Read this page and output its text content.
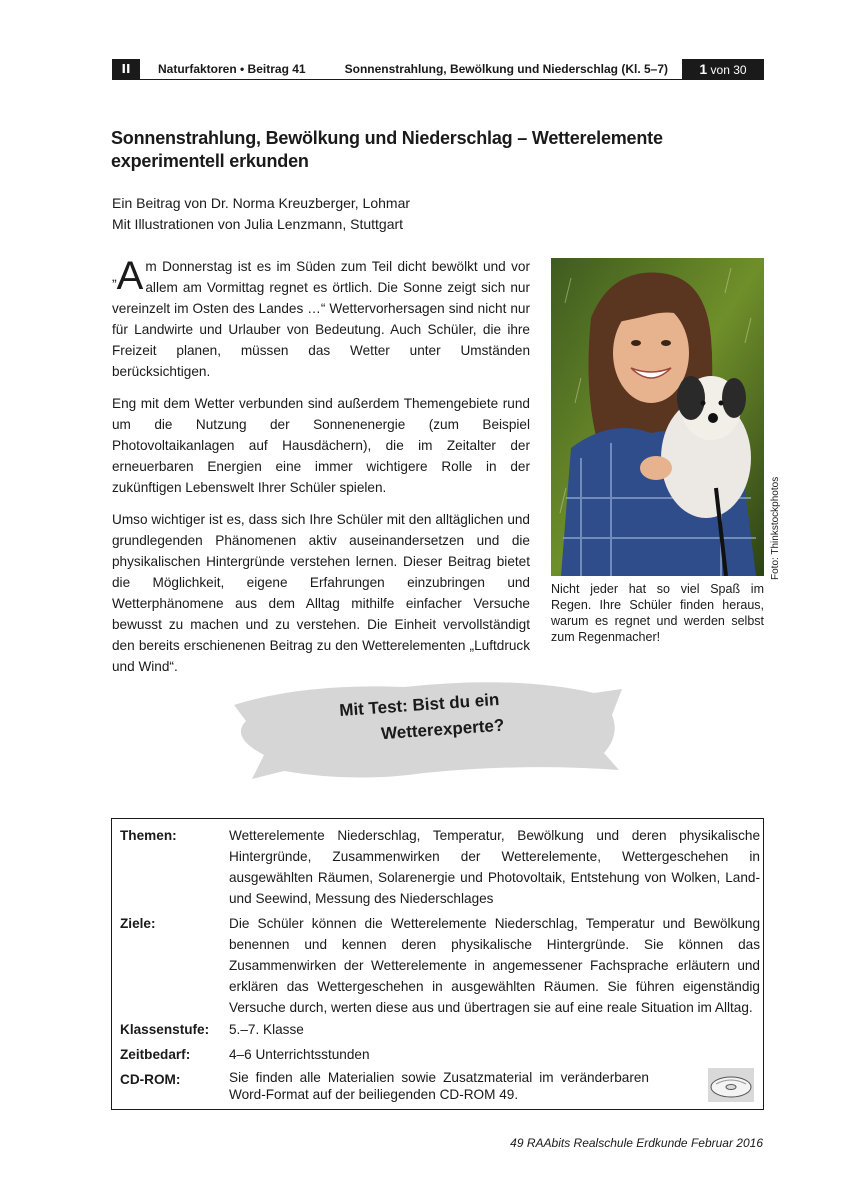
II	Naturfaktoren • Beitrag 41	Sonnenstrahlung, Bewölkung und Niederschlag (Kl. 5–7)	1 von 30
Sonnenstrahlung, Bewölkung und Niederschlag – Wetterelemente experimentell erkunden
Ein Beitrag von Dr. Norma Kreuzberger, Lohmar
Mit Illustrationen von Julia Lenzmann, Stuttgart

„A m Donnerstag ist es im Süden zum Teil dicht bewölkt und vor allem am Vormittag regnet es örtlich. Die Sonne zeigt sich nur vereinzelt im Osten des Landes …“ Wettervorhersagen sind nicht nur für Landwirte und Urlauber von Bedeutung. Auch Schüler, die ihre Freizeit planen, müssen das Wetter unter Umständen berücksichtigen.

Eng mit dem Wetter verbunden sind außerdem Themengebiete rund um die Nutzung der Sonnenenergie (zum Beispiel Photovoltaikanlagen auf Hausdächern), die im Zeitalter der erneuerbaren Energien eine immer wichtigere Rolle in der zukünftigen Lebenswelt Ihrer Schüler spielen.

Umso wichtiger ist es, dass sich Ihre Schüler mit den alltäglichen und grundlegenden Phänomenen aktiv auseinandersetzen und die physikalischen Hintergründe verstehen lernen. Dieser Beitrag bietet die Möglichkeit, eigene Erfahrungen einzubringen und Wetterphänomene aus dem Alltag mithilfe einfacher Versuche bewusst zu machen und zu verstehen. Die Einheit vervollständigt den bereits erschienenen Beitrag zu den Wetterelementen „Luftdruck und Wind“.

Foto: Thinkstockphotos
Nicht jeder hat so viel Spaß im Regen. Ihre Schüler finden heraus, warum es regnet und werden selbst zum Regenmacher!
Mit Test: Bist du ein
Wetterexperte?
Themen:	Wetterelemente Niederschlag, Temperatur, Bewölkung und deren physikalische Hintergründe, Zusammenwirken der Wetterelemente, Wettergeschehen in ausgewählten Räumen, Solarenergie und Photovoltaik, Entstehung von Wolken, Land- und Seewind, Messung des Niederschlages
Ziele:	Die Schüler können die Wetterelemente Niederschlag, Temperatur und Bewölkung benennen und kennen deren physikalische Hintergründe. Sie können das Zusammenwirken der Wetterelemente in angemessener Fachsprache erläutern und erklären das Wettergeschehen in ausgewählten Räumen. Sie führen eigenständig Versuche durch, werten diese aus und übertragen sie auf eine reale Situation im Alltag.
Klassenstufe:	5.–7. Klasse
Zeitbedarf:	4–6 Unterrichtsstunden
CD-ROM:	Sie finden alle Materialien sowie Zusatzmaterial im veränderbaren Word-Format auf der beiliegenden CD-ROM 49.
49 RAAbits Realschule Erdkunde Februar 2016
